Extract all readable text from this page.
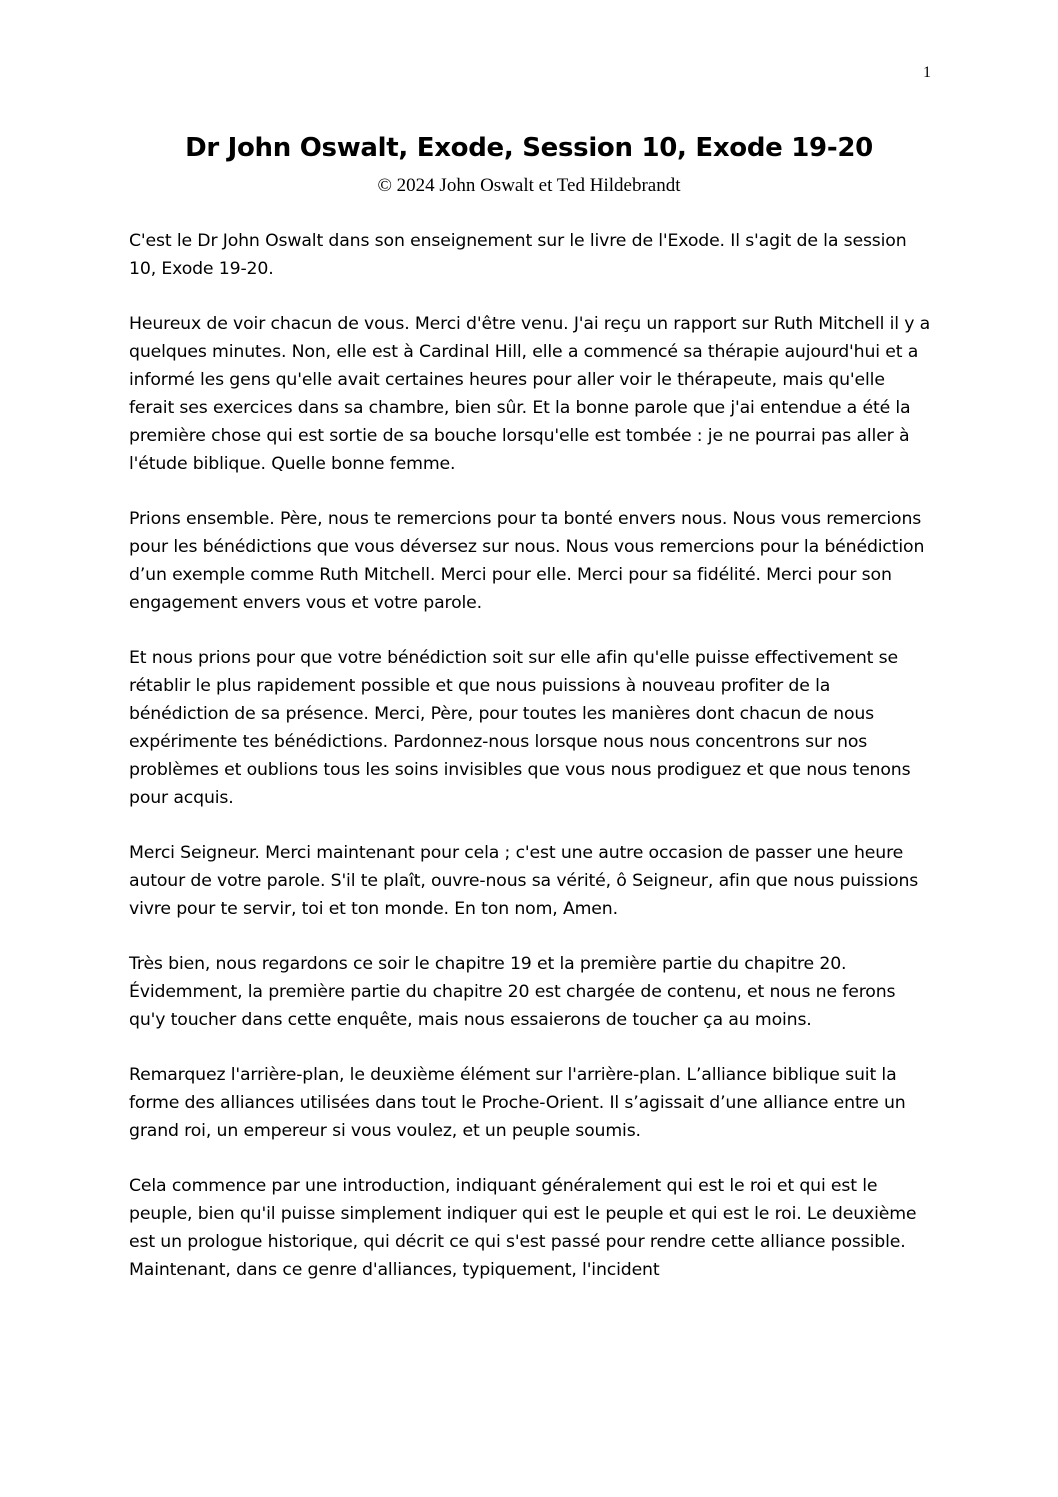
1
Dr John Oswalt, Exode, Session 10, Exode 19-20
© 2024 John Oswalt et Ted Hildebrandt

C'est le Dr John Oswalt dans son enseignement sur le livre de l'Exode. Il s'agit de la session 10, Exode 19-20.

Heureux de voir chacun de vous. Merci d'être venu. J'ai reçu un rapport sur Ruth Mitchell il y a quelques minutes. Non, elle est à Cardinal Hill, elle a commencé sa thérapie aujourd'hui et a informé les gens qu'elle avait certaines heures pour aller voir le thérapeute, mais qu'elle ferait ses exercices dans sa chambre, bien sûr. Et la bonne parole que j'ai entendue a été la première chose qui est sortie de sa bouche lorsqu'elle est tombée : je ne pourrai pas aller à l'étude biblique. Quelle bonne femme.

Prions ensemble. Père, nous te remercions pour ta bonté envers nous. Nous vous remercions pour les bénédictions que vous déversez sur nous. Nous vous remercions pour la bénédiction d’un exemple comme Ruth Mitchell. Merci pour elle. Merci pour sa fidélité. Merci pour son engagement envers vous et votre parole.

Et nous prions pour que votre bénédiction soit sur elle afin qu'elle puisse effectivement se rétablir le plus rapidement possible et que nous puissions à nouveau profiter de la bénédiction de sa présence. Merci, Père, pour toutes les manières dont chacun de nous expérimente tes bénédictions. Pardonnez-nous lorsque nous nous concentrons sur nos problèmes et oublions tous les soins invisibles que vous nous prodiguez et que nous tenons pour acquis.

Merci Seigneur. Merci maintenant pour cela ; c'est une autre occasion de passer une heure autour de votre parole. S'il te plaît, ouvre-nous sa vérité, ô Seigneur, afin que nous puissions vivre pour te servir, toi et ton monde. En ton nom, Amen.

Très bien, nous regardons ce soir le chapitre 19 et la première partie du chapitre 20. Évidemment, la première partie du chapitre 20 est chargée de contenu, et nous ne ferons qu'y toucher dans cette enquête, mais nous essaierons de toucher ça au moins.

Remarquez l'arrière-plan, le deuxième élément sur l'arrière-plan. L’alliance biblique suit la forme des alliances utilisées dans tout le Proche-Orient. Il s’agissait d’une alliance entre un grand roi, un empereur si vous voulez, et un peuple soumis.

Cela commence par une introduction, indiquant généralement qui est le roi et qui est le peuple, bien qu'il puisse simplement indiquer qui est le peuple et qui est le roi. Le deuxième est un prologue historique, qui décrit ce qui s'est passé pour rendre cette alliance possible. Maintenant, dans ce genre d'alliances, typiquement, l'incident
